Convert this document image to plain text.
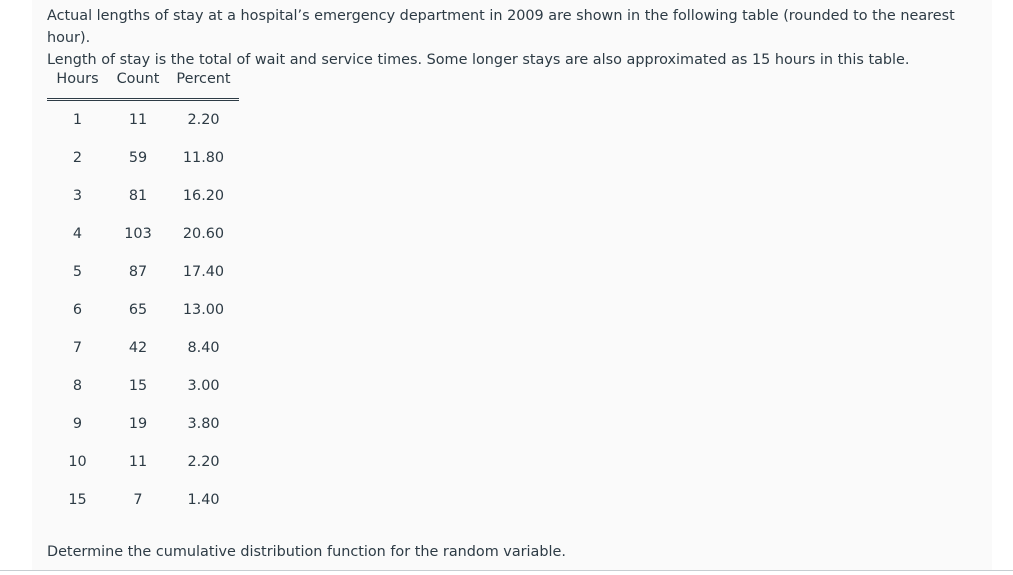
Actual lengths of stay at a hospital’s emergency department in 2009 are shown in the following table (rounded to the nearest hour).

Length of stay is the total of wait and service times. Some longer stays are also approximated as 15 hours in this table.

Hours	Count	Percent
1	11	2.20
2	59	11.80
3	81	16.20
4	103	20.60
5	87	17.40
6	65	13.00
7	42	8.40
8	15	3.00
9	19	3.80
10	11	2.20
15	7	1.40

Determine the cumulative distribution function for the random variable.
